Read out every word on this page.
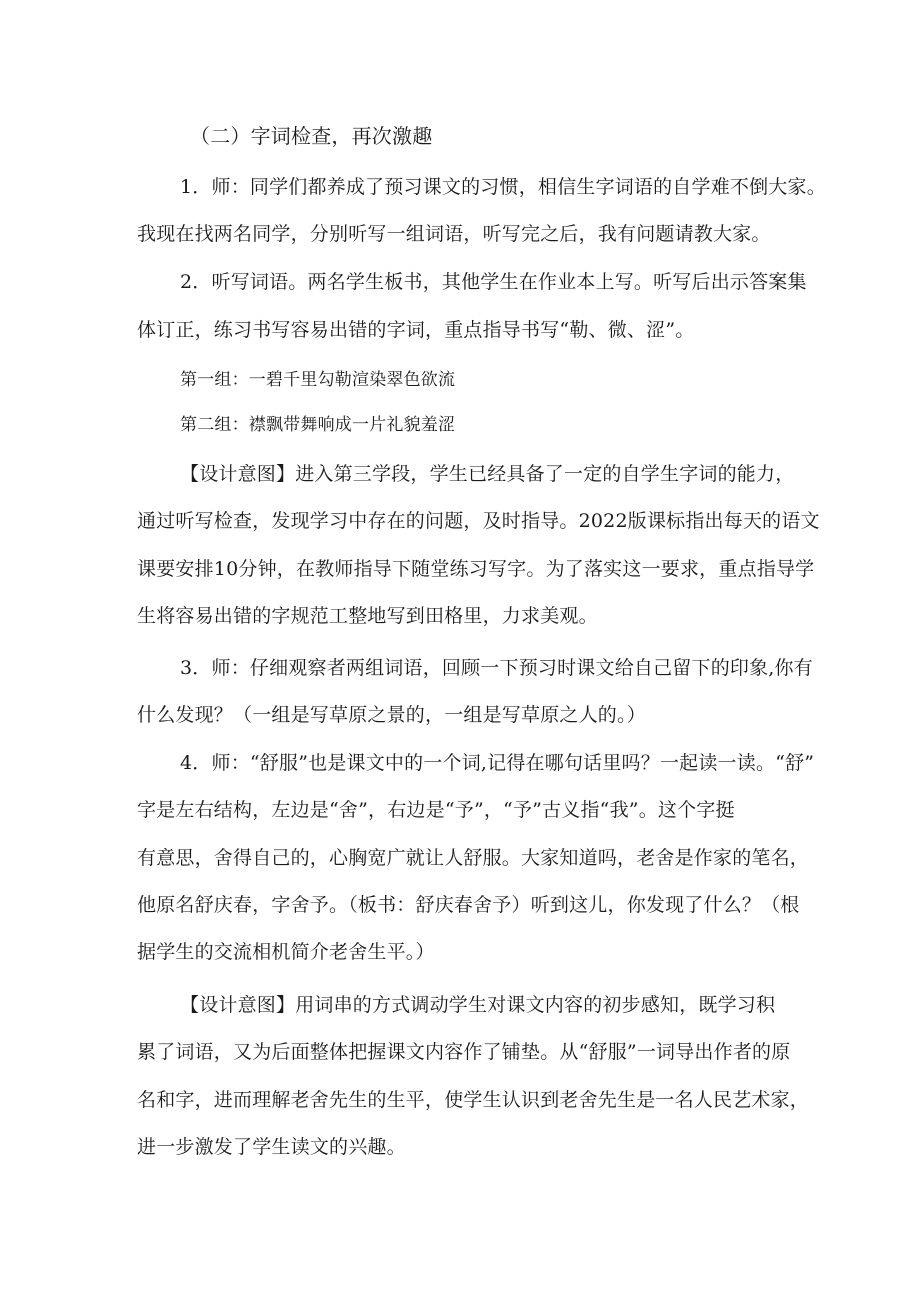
（二）字词检查，再次激趣
1．师：同学们都养成了预习课文的习惯，相信生字词语的自学难不倒大家。
我现在找两名同学，分别听写一组词语，听写完之后，我有问题请教大家。
2．听写词语。两名学生板书，其他学生在作业本上写。听写后出示答案集
体订正，练习书写容易出错的字词，重点指导书写“勒、微、涩”。
第一组：一碧千里勾勒渲染翠色欲流
第二组：襟飘带舞响成一片礼貌羞涩
【设计意图】进入第三学段，学生已经具备了一定的自学生字词的能力，
通过听写检查，发现学习中存在的问题，及时指导。2022版课标指出每天的语文
课要安排10分钟，在教师指导下随堂练习写字。为了落实这一要求，重点指导学
生将容易出错的字规范工整地写到田格里，力求美观。
3．师：仔细观察者两组词语，回顾一下预习时课文给自己留下的印象,你有
什么发现？（一组是写草原之景的，一组是写草原之人的。）
4．师：“舒服”也是课文中的一个词,记得在哪句话里吗？一起读一读。“舒”
字是左右结构，左边是“舍”，右边是“予”，“予”古义指“我”。这个字挺
有意思，舍得自己的，心胸宽广就让人舒服。大家知道吗，老舍是作家的笔名，
他原名舒庆春，字舍予。（板书：舒庆春舍予）听到这儿，你发现了什么？（根
据学生的交流相机简介老舍生平。）
【设计意图】用词串的方式调动学生对课文内容的初步感知，既学习积
累了词语，又为后面整体把握课文内容作了铺垫。从“舒服”一词导出作者的原
名和字，进而理解老舍先生的生平，使学生认识到老舍先生是一名人民艺术家，
进一步激发了学生读文的兴趣。
